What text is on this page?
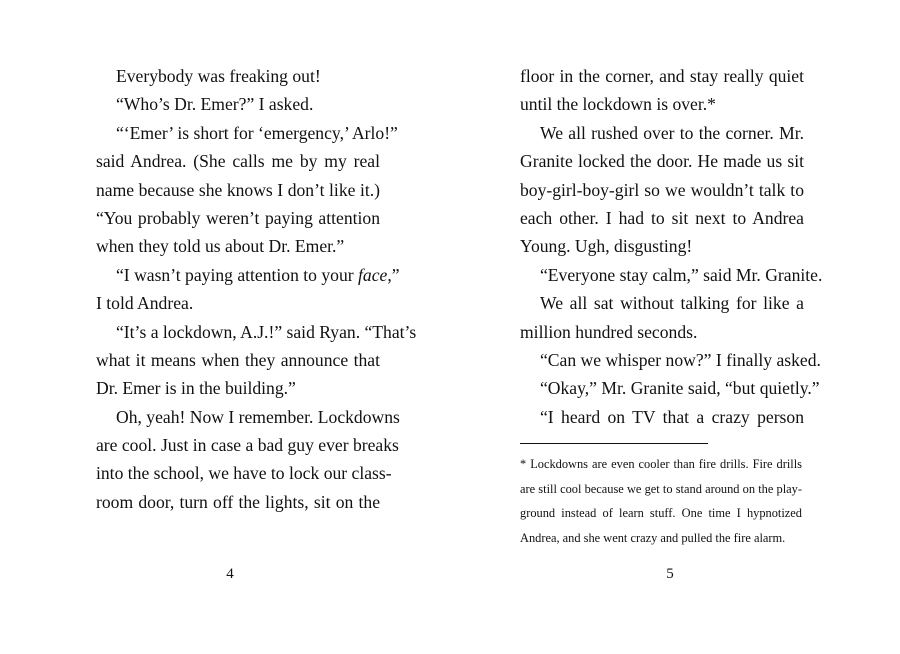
Everybody was freaking out!
“Who’s Dr. Emer?” I asked.
“‘Emer’ is short for ‘emergency,’ Arlo!”
said Andrea. (She calls me by my real
name because she knows I don’t like it.)
“You probably weren’t paying attention
when they told us about Dr. Emer.”
“I wasn’t paying attention to your face,”
I told Andrea.
“It’s a lockdown, A.J.!” said Ryan. “That’s
what it means when they announce that
Dr. Emer is in the building.”
Oh, yeah! Now I remember. Lockdowns
are cool. Just in case a bad guy ever breaks
into the school, we have to lock our class-
room door, turn off the lights, sit on the
4
floor in the corner, and stay really quiet
until the lockdown is over.*
We all rushed over to the corner. Mr.
Granite locked the door. He made us sit
boy-girl-boy-girl so we wouldn’t talk to
each other. I had to sit next to Andrea
Young. Ugh, disgusting!
“Everyone stay calm,” said Mr. Granite.
We all sat without talking for like a
million hundred seconds.
“Can we whisper now?” I finally asked.
“Okay,” Mr. Granite said, “but quietly.”
“I heard on TV that a crazy person
* Lockdowns are even cooler than fire drills. Fire drills
are still cool because we get to stand around on the play-
ground instead of learn stuff. One time I hypnotized
Andrea, and she went crazy and pulled the fire alarm.
5
